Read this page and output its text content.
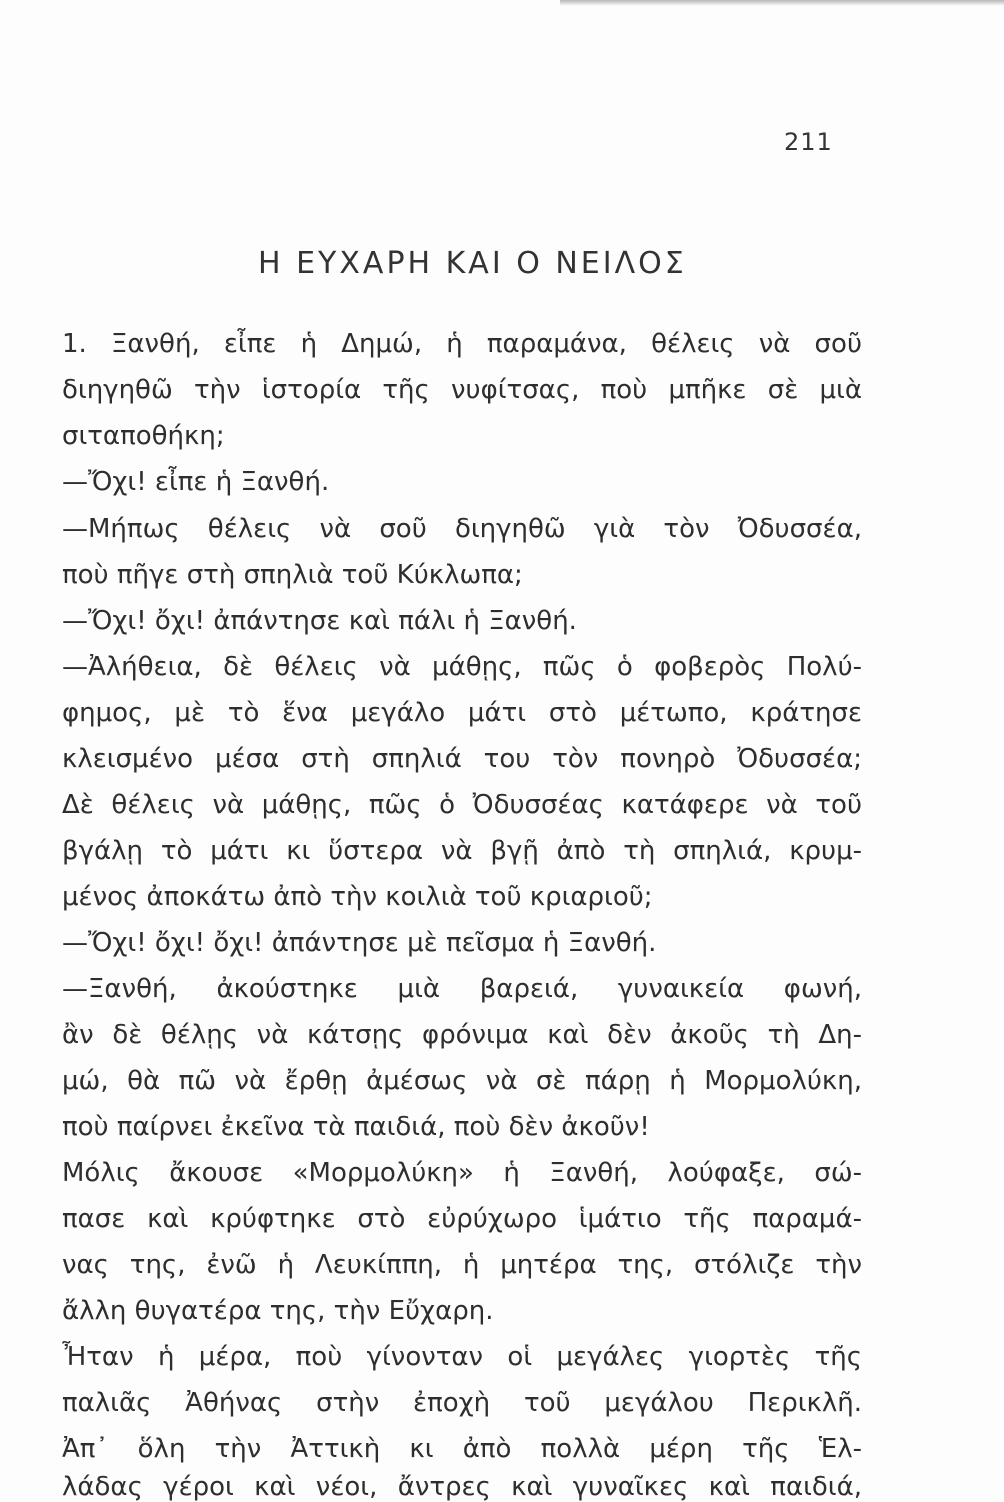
211
Η ΕΥΧΑΡΗ ΚΑΙ Ο ΝΕΙΛΟΣ
1. Ξανθή, εἶπε ἡ Δημώ, ἡ παραμάνα, θέλεις νὰ σοῦ
διηγηθῶ τὴν ἱστορία τῆς νυφίτσας, ποὺ μπῆκε σὲ μιὰ
σιταποθήκη;
—Ὄχι! εἶπε ἡ Ξανθή.
—Μήπως θέλεις νὰ σοῦ διηγηθῶ γιὰ τὸν Ὀδυσσέα,
ποὺ πῆγε στὴ σπηλιὰ τοῦ Κύκλωπα;
—Ὄχι! ὄχι! ἀπάντησε καὶ πάλι ἡ Ξανθή.
—Ἀλήθεια, δὲ θέλεις νὰ μάθῃς, πῶς ὁ φοβερὸς Πολύ-
φημος, μὲ τὸ ἕνα μεγάλο μάτι στὸ μέτωπο, κράτησε
κλεισμένο μέσα στὴ σπηλιά του τὸν πονηρὸ Ὀδυσσέα;
Δὲ θέλεις νὰ μάθῃς, πῶς ὁ Ὀδυσσέας κατάφερε νὰ τοῦ
βγάλῃ τὸ μάτι κι ὕστερα νὰ βγῇ ἀπὸ τὴ σπηλιά, κρυμ-
μένος ἀποκάτω ἀπὸ τὴν κοιλιὰ τοῦ κριαριοῦ;
—Ὄχι! ὄχι! ὄχι! ἀπάντησε μὲ πεῖσμα ἡ Ξανθή.
—Ξανθή, ἀκούστηκε μιὰ βαρειά, γυναικεία φωνή,
ἂν δὲ θέλῃς νὰ κάτσῃς φρόνιμα καὶ δὲν ἀκοῦς τὴ Δη-
μώ, θὰ πῶ νὰ ἔρθῃ ἀμέσως νὰ σὲ πάρῃ ἡ Μορμολύκη,
ποὺ παίρνει ἐκεῖνα τὰ παιδιά, ποὺ δὲν ἀκοῦν!
Μόλις ἄκουσε «Μορμολύκη» ἡ Ξανθή, λούφαξε, σώ-
πασε καὶ κρύφτηκε στὸ εὐρύχωρο ἱμάτιο τῆς παραμά-
νας της, ἐνῶ ἡ Λευκίππη, ἡ μητέρα της, στόλιζε τὴν
ἄλλη θυγατέρα της, τὴν Εὔχαρη.
Ἦταν ἡ μέρα, ποὺ γίνονταν οἱ μεγάλες γιορτὲς τῆς
παλιᾶς Ἀθήνας στὴν ἐποχὴ τοῦ μεγάλου Περικλῆ.
Ἀπ᾿ ὅλη τὴν Ἀττικὴ κι ἀπὸ πολλὰ μέρη τῆς Ἑλ-
λάδας γέροι καὶ νέοι, ἄντρες καὶ γυναῖκες καὶ παιδιά,
